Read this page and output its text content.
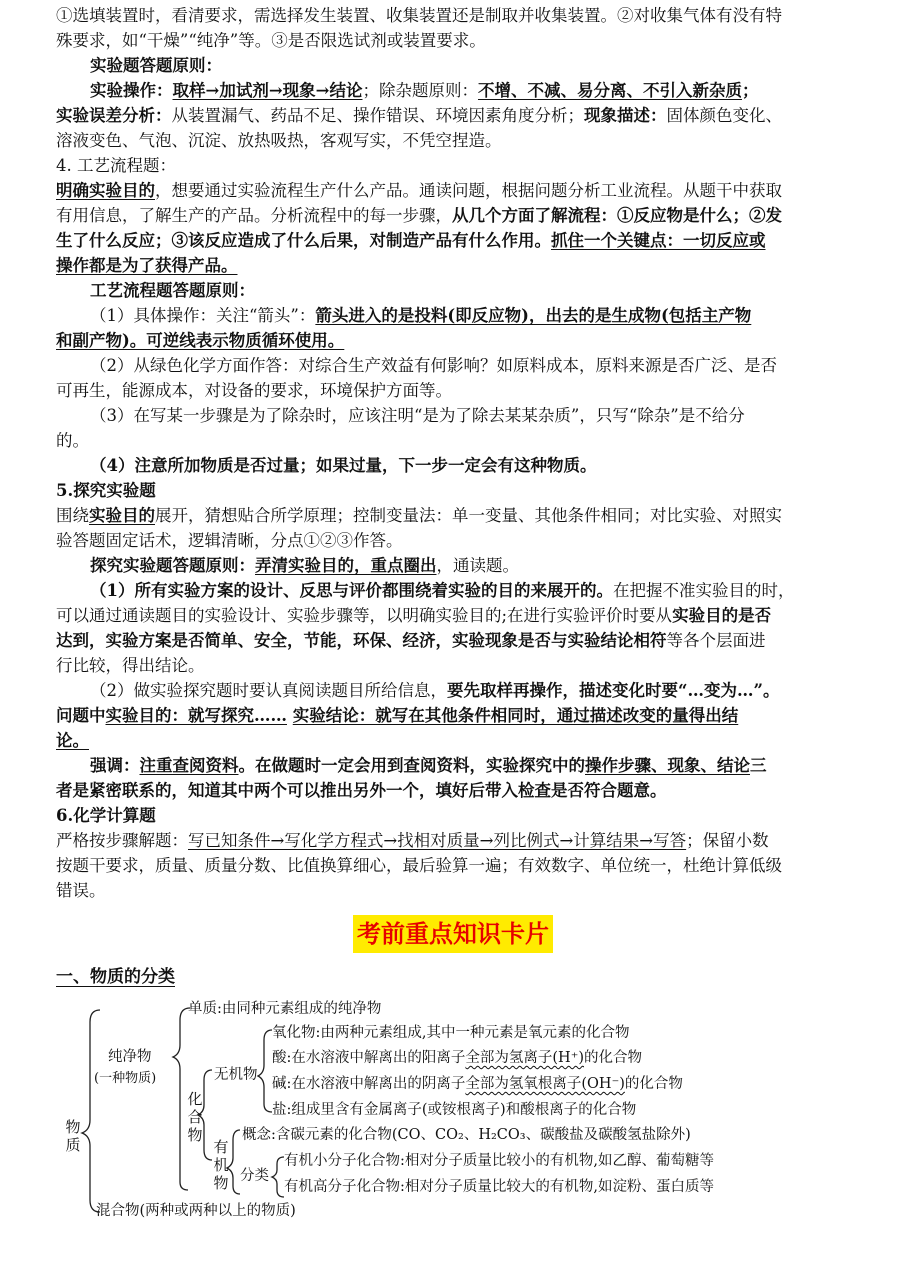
①选填装置时，看清要求，需选择发生装置、收集装置还是制取并收集装置。②对收集气体有没有特
殊要求，如“干燥”“纯净”等。③是否限选试剂或装置要求。
实验题答题原则：
实验操作：取样→加试剂→现象→结论；除杂题原则：不增、不减、易分离、不引入新杂质；
实验误差分析：从装置漏气、药品不足、操作错误、环境因素角度分析；现象描述：固体颜色变化、
溶液变色、气泡、沉淀、放热吸热，客观写实，不凭空捏造。
4. 工艺流程题：
明确实验目的，想要通过实验流程生产什么产品。通读问题，根据问题分析工业流程。从题干中获取
有用信息，了解生产的产品。分析流程中的每一步骤，从几个方面了解流程：①反应物是什么；②发
生了什么反应；③该反应造成了什么后果，对制造产品有什么作用。抓住一个关键点：一切反应或
操作都是为了获得产品。
工艺流程题答题原则：
（1）具体操作：关注“箭头”：箭头进入的是投料(即反应物)，出去的是生成物(包括主产物
和副产物)。可逆线表示物质循环使用。
（2）从绿色化学方面作答：对综合生产效益有何影响？如原料成本，原料来源是否广泛、是否
可再生，能源成本，对设备的要求，环境保护方面等。
（3）在写某一步骤是为了除杂时，应该注明“是为了除去某某杂质”，只写“除杂”是不给分
的。
（4）注意所加物质是否过量；如果过量，下一步一定会有这种物质。
5.探究实验题
围绕实验目的展开，猜想贴合所学原理；控制变量法：单一变量、其他条件相同；对比实验、对照实
验答题固定话术，逻辑清晰，分点①②③作答。
探究实验题答题原则：弄清实验目的，重点圈出，通读题。
（1）所有实验方案的设计、反思与评价都围绕着实验的目的来展开的。在把握不准实验目的时，
可以通过通读题目的实验设计、实验步骤等，以明确实验目的;在进行实验评价时要从实验目的是否
达到，实验方案是否简单、安全，节能，环保、经济，实验现象是否与实验结论相符等各个层面进
行比较，得出结论。
（2）做实验探究题时要认真阅读题目所给信息，要先取样再操作，描述变化时要“…变为…”。
问题中实验目的：就写探究…… 实验结论：就写在其他条件相同时，通过描述改变的量得出结
论。
强调：注重查阅资料。在做题时一定会用到查阅资料，实验探究中的操作步骤、现象、结论三
者是紧密联系的，知道其中两个可以推出另外一个，填好后带入检查是否符合题意。
6.化学计算题
严格按步骤解题：写已知条件→写化学方程式→找相对质量→列比例式→计算结果→写答；保留小数
按题干要求，质量、质量分数、比值换算细心，最后验算一遍；有效数字、单位统一，杜绝计算低级
错误。
考前重点知识卡片
一、物质的分类
物质
纯净物
(一种物质)
单质:由同种元素组成的纯净物
化合物
无机物
氧化物:由两种元素组成,其中一种元素是氧元素的化合物
酸:在水溶液中解离出的阳离子全部为氢离子(H⁺)的化合物
碱:在水溶液中解离出的阴离子全部为氢氧根离子(OH⁻)的化合物
盐:组成里含有金属离子(或铵根离子)和酸根离子的化合物
有机物
概念:含碳元素的化合物(CO、CO₂、H₂CO₃、碳酸盐及碳酸氢盐除外)
分类
有机小分子化合物:相对分子质量比较小的有机物,如乙醇、葡萄糖等
有机高分子化合物:相对分子质量比较大的有机物,如淀粉、蛋白质等
混合物(两种或两种以上的物质)
